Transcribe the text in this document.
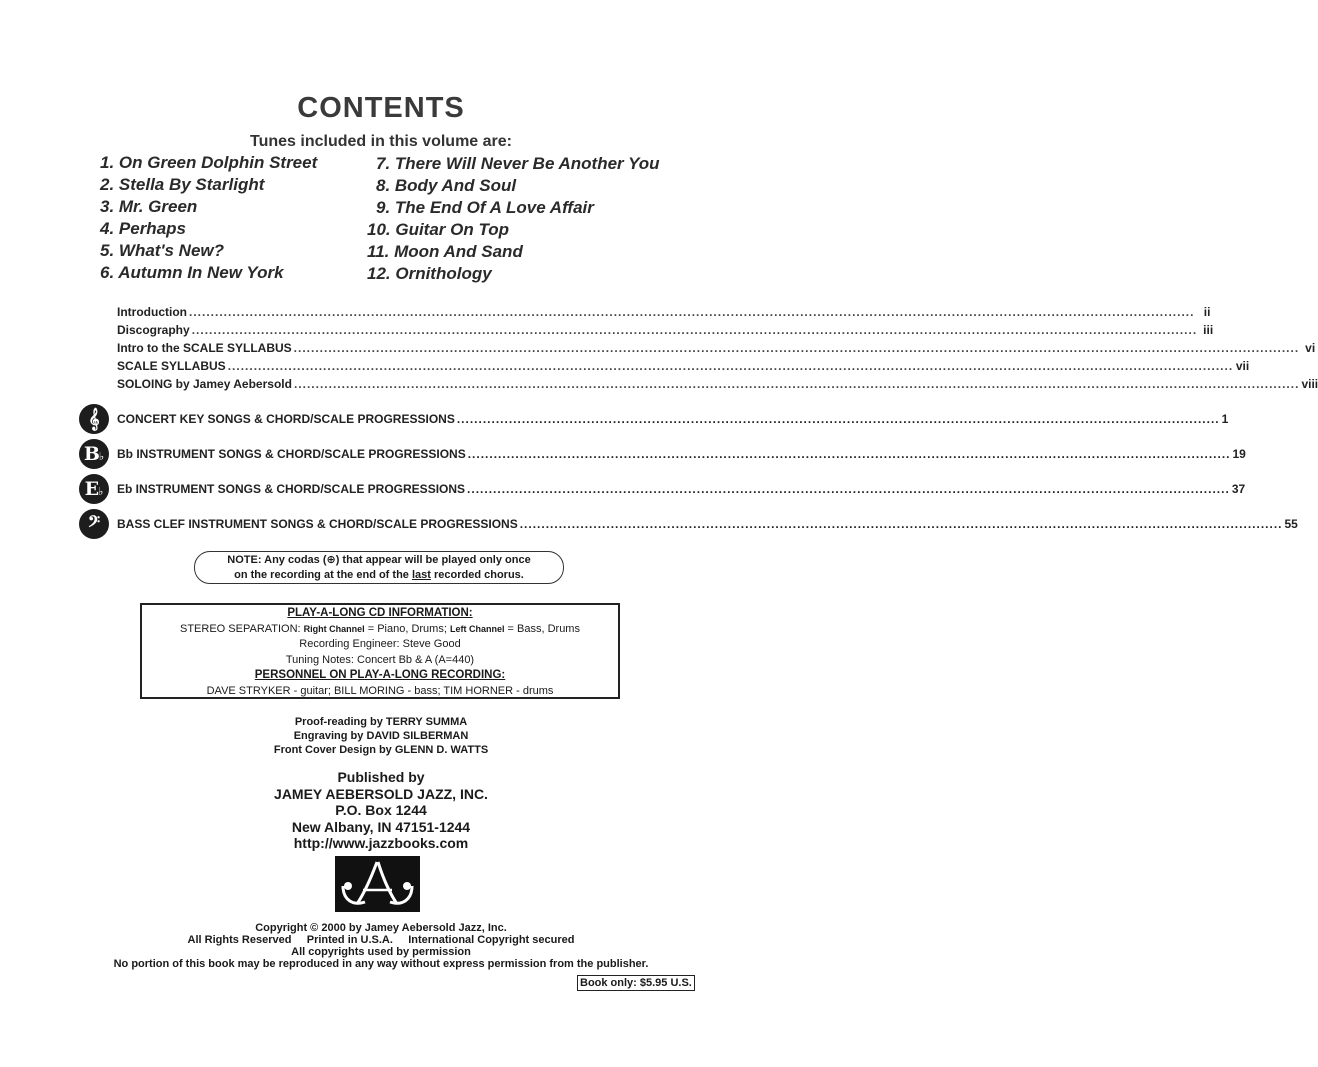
CONTENTS
Tunes included in this volume are:
1. On Green Dolphin Street
2. Stella By Starlight
3. Mr. Green
4. Perhaps
5. What's New?
6. Autumn In New York
7. There Will Never Be Another You
8. Body And Soul
9. The End Of A Love Affair
10. Guitar On Top
11. Moon And Sand
12. Ornithology
Introduction .....	ii
Discography .....	iii
Intro to the SCALE SYLLABUS .....	vi
SCALE SYLLABUS .....	vii
SOLOING by Jamey Aebersold .....	viii
𝄞 CONCERT KEY SONGS & CHORD/SCALE PROGRESSIONS .....	1
B ♭ Bb INSTRUMENT SONGS & CHORD/SCALE PROGRESSIONS .....	19
E ♭ Eb INSTRUMENT SONGS & CHORD/SCALE PROGRESSIONS .....	37
𝄢 BASS CLEF INSTRUMENT SONGS & CHORD/SCALE PROGRESSIONS .....	55
NOTE: Any codas (⊕) that appear will be played only once
on the recording at the end of the last recorded chorus.
PLAY-A-LONG CD INFORMATION:
STEREO SEPARATION: Right Channel = Piano, Drums; Left Channel = Bass, Drums
Recording Engineer: Steve Good
Tuning Notes: Concert Bb & A (A=440)
PERSONNEL ON PLAY-A-LONG RECORDING:
DAVE STRYKER - guitar; BILL MORING - bass; TIM HORNER - drums
Proof-reading by TERRY SUMMA
Engraving by DAVID SILBERMAN
Front Cover Design by GLENN D. WATTS
Published by
JAMEY AEBERSOLD JAZZ, INC.
P.O. Box 1244
New Albany, IN 47151-1244
http://www.jazzbooks.com
Copyright © 2000 by Jamey Aebersold Jazz, Inc.
All Rights Reserved     Printed in U.S.A.     International Copyright secured
All copyrights used by permission
No portion of this book may be reproduced in any way without express permission from the publisher.
Book only: $5.95 U.S.
